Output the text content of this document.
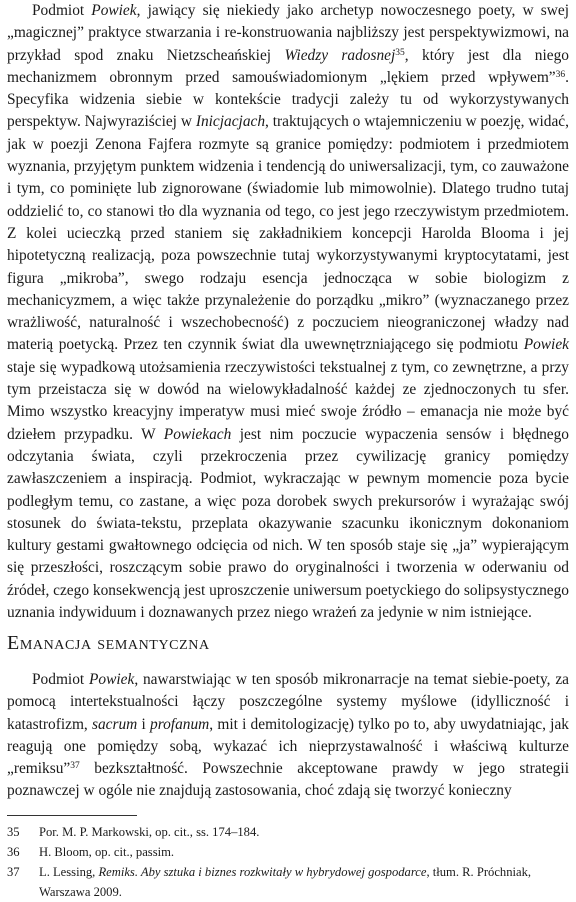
Podmiot Powiek, jawiący się niekiedy jako archetyp nowoczesnego poety, w swej „magicznej” praktyce stwarzania i re-konstruowania najbliższy jest perspektywizmowi, na przykład spod znaku Nietzscheańskiej Wiedzy radosnej$^{35}$, który jest dla niego mechanizmem obronnym przed samouświadomionym „lękiem przed wpływem”$^{36}$. Specyfika widzenia siebie w kontekście tradycji zależy tu od wykorzystywanych perspektyw. Najwyraziściej w Inicjacjach, traktujących o wtajemniczeniu w poezję, widać, jak w poezji Zenona Fajfera rozmyte są granice pomiędzy: podmiotem i przedmiotem wyznania, przyjętym punktem widzenia i tendencją do uniwersalizacji, tym, co zauważone i tym, co pominięte lub zignorowane (świadomie lub mimowolnie). Dlatego trudno tutaj oddzielić to, co stanowi tło dla wyznania od tego, co jest jego rzeczywistym przedmiotem. Z kolei ucieczką przed staniem się zakładnikiem koncepcji Harolda Blooma i jej hipotetyczną realizacją, poza powszechnie tutaj wykorzystywanymi kryptocytatami, jest figura „mikroba”, swego rodzaju esencja jednocząca w sobie biologizm z mechanicyzmem, a więc także przynależenie do porządku „mikro” (wyznaczanego przez wrażliwość, naturalność i wszechobecność) z poczuciem nieograniczonej władzy nad materią poetycką. Przez ten czynnik świat dla uwewnętrzniającego się podmiotu Powiek staje się wypadkową utożsamienia rzeczywistości tekstualnej z tym, co zewnętrzne, a przy tym przeistacza się w dowód na wielowykładalność każdej ze zjednoczonych tu sfer. Mimo wszystko kreacyjny imperatyw musi mieć swoje źródło – emanacja nie może być dziełem przypadku. W Powiekach jest nim poczucie wypaczenia sensów i błędnego odczytania świata, czyli przekroczenia przez cywilizację granicy pomiędzy zawłaszczeniem a inspiracją. Podmiot, wykraczając w pewnym momencie poza bycie podległym temu, co zastane, a więc poza dorobek swych prekursorów i wyrażając swój stosunek do świata-tekstu, przeplata okazywanie szacunku ikonicznym dokonaniom kultury gestami gwałtownego odcięcia od nich. W ten sposób staje się „ja” wypierającym się przeszłości, roszczącym sobie prawo do oryginalności i tworzenia w oderwaniu od źródeł, czego konsekwencją jest uproszczenie uniwersum poetyckiego do solipsystycznego uznania indywiduum i doznawanych przez niego wrażeń za jedynie w nim istniejące.

Emanacja semantyczna

Podmiot Powiek, nawarstwiając w ten sposób mikronarracje na temat siebie-poety, za pomocą intertekstualności łączy poszczególne systemy myślowe (idylliczność i katastrofizm, sacrum i profanum, mit i demitologizację) tylko po to, aby uwydatniając, jak reagują one pomiędzy sobą, wykazać ich nieprzystawalność i właściwą kulturze „remiksu”$^{37}$ bezkształtność. Powszechnie akceptowane prawdy w jego strategii poznawczej w ogóle nie znajdują zastosowania, choć zdają się tworzyć konieczny

35	Por. M. P. Markowski, op. cit., ss. 174–184.
36	H. Bloom, op. cit., passim.
37	L. Lessing, Remiks. Aby sztuka i biznes rozkwitały w hybrydowej gospodarce, tłum. R. Próchniak, Warszawa 2009.
